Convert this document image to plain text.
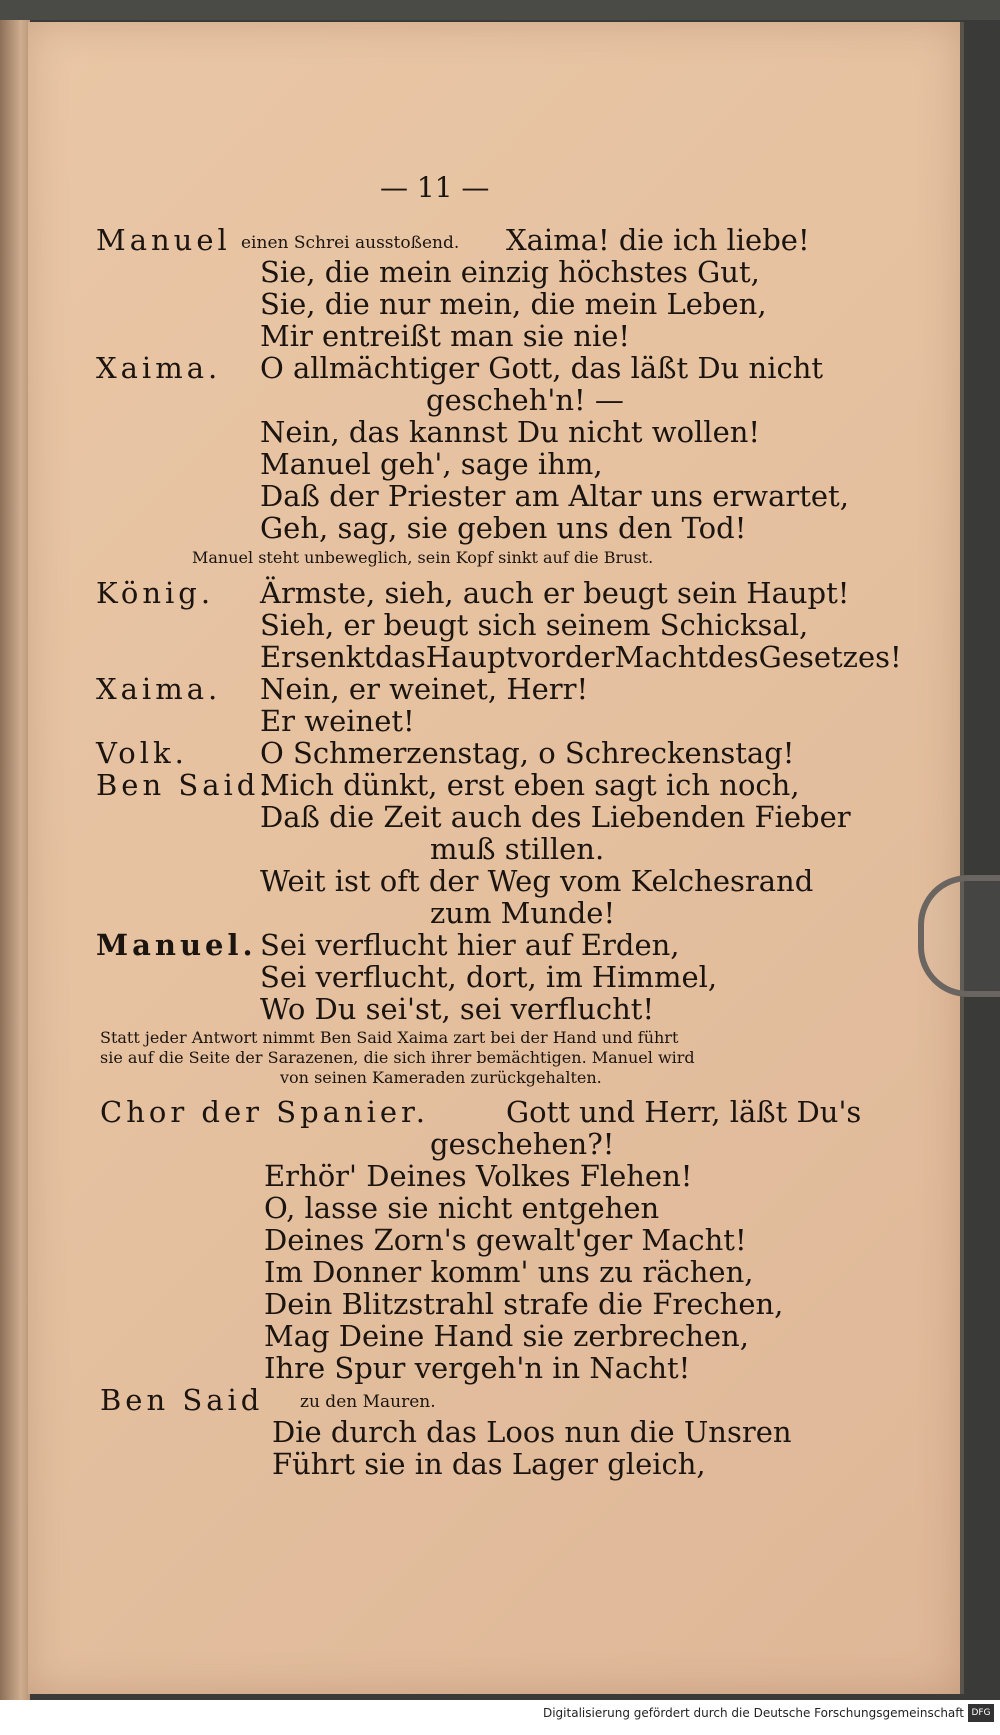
— 11 —
Manuel einen Schrei ausstoßend. Xaima! die ich liebe!
Sie, die mein einzig höchstes Gut,
Sie, die nur mein, die mein Leben,
Mir entreißt man sie nie!
Xaima. O allmächtiger Gott, das läßt Du nicht
gescheh'n! —
Nein, das kannst Du nicht wollen!
Manuel geh', sage ihm,
Daß der Priester am Altar uns erwartet,
Geh, sag, sie geben uns den Tod!
Manuel steht unbeweglich, sein Kopf sinkt auf die Brust.
König. Ärmste, sieh, auch er beugt sein Haupt!
Sieh, er beugt sich seinem Schicksal,
ErsenktdasHauptvorderMachtdesGesetzes!
Xaima. Nein, er weinet, Herr!
Er weinet!
Volk. O Schmerzenstag, o Schreckenstag!
Ben Said.
Mich dünkt, erst eben sagt ich noch,
Daß die Zeit auch des Liebenden Fieber
muß stillen.
Weit ist oft der Weg vom Kelchesrand
zum Munde!
Manuel. Sei verflucht hier auf Erden,
Sei verflucht, dort, im Himmel,
Wo Du sei'st, sei verflucht!
Statt jeder Antwort nimmt Ben Said Xaima zart bei der Hand und führt
sie auf die Seite der Sarazenen, die sich ihrer bemächtigen. Manuel wird
von seinen Kameraden zurückgehalten.
Chor der Spanier.	Gott und Herr, läßt Du's
geschehen?!
Erhör' Deines Volkes Flehen!
O, lasse sie nicht entgehen
Deines Zorn's gewalt'ger Macht!
Im Donner komm' uns zu rächen,
Dein Blitzstrahl strafe die Frechen,
Mag Deine Hand sie zerbrechen,
Ihre Spur vergeh'n in Nacht!
Ben Said zu den Mauren.
Die durch das Loos nun die Unsren
Führt sie in das Lager gleich,
Digitalisierung gefördert durch die Deutsche Forschungsgemeinschaft DFG
